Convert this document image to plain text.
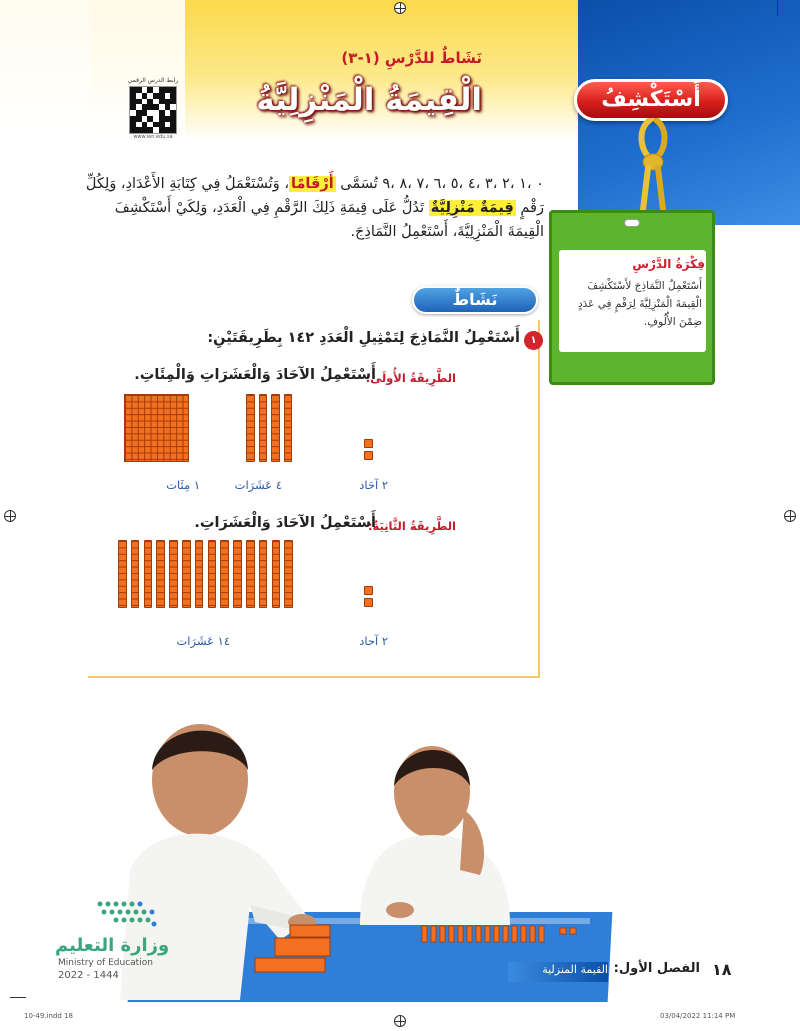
رابط الدرس الرقمي
www.ien.edu.sa
نَشَاطٌ للدَّرْسِ (١-٣)
الْقِيمَةُ الْمَنْزِلِيَّةُ	أَسْتَكْشِفُ
فِكْرَةُ الدَّرْسِ
أَسْتَعْمِلُ النَّمَاذِجَ لأَسْتَكْشِفَ الْقِيمَةَ الْمَنْزِلِيَّةَ لِرَقْمٍ فِي عَدَدٍ ضِمْنَ الأُلُوفِ.
٠ ،١ ،٢ ،٣ ،٤ ،٥ ،٦ ،٧ ،٨ ،٩ تُسَمَّى أَرْقَامًا، وَتُسْتَعْمَلُ فِي كِتَابَةِ الأَعْدَادِ، وَلِكُلِّ رَقْمٍ قِيمَةٌ مَنْزِلِيَّةٌ تَدُلُّ عَلَى قِيمَةِ ذَلِكَ الرَّقْمِ فِي الْعَدَدِ، وَلِكَيْ أَسْتَكْشِفَ الْقِيمَةَ الْمَنْزِلِيَّةَ، أَسْتَعْمِلُ النَّمَاذِجَ.
نَشَاطٌ
١
أَسْتَعْمِلُ النَّمَاذِجَ لِتَمْثِيلِ الْعَدَدِ ١٤٢ بِطَرِيقَتَيْنِ:
الطَّرِيقَةُ الأُولَى:
أَسْتَعْمِلُ الآحَادَ وَالْعَشَرَاتِ وَالْمِئَاتِ.
٢ آحَاد
٤ عَشَرَات
١ مِئَات
الطَّرِيقَةُ الثَّانِيَةُ:
أَسْتَعْمِلُ الآحَادَ وَالْعَشَرَاتِ.
٢ آحاد
١٤ عَشَرَات
وزارة التعليم
Ministry of Education
2022 - 1444	القيمة المنزلية الفصل الأول: ١٨
10-49.indd 18	03/04/2022 11:14 PM
